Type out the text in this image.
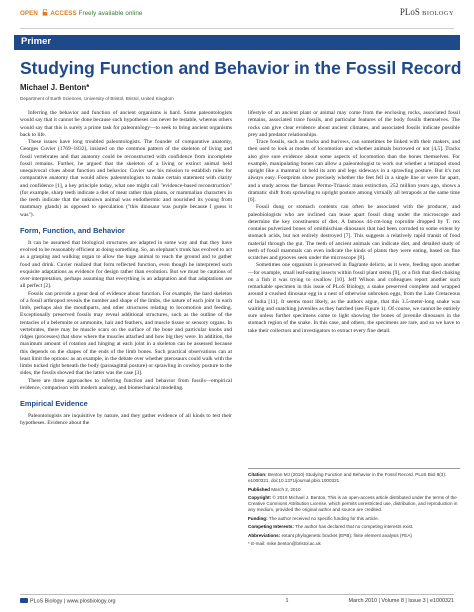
OPEN ACCESS Freely available online	PLoS BIOLOGY
Primer
Studying Function and Behavior in the Fossil Record
Michael J. Benton*
Department of Earth Sciences, University of Bristol, Bristol, United Kingdom

Inferring the behavior and function of ancient organisms is hard. Some paleontologists would say that it cannot be done because such hypotheses can never be testable, whereas others would say that this is surely a prime task for paleontology—to seek to bring ancient organisms back to life.

These issues have long troubled paleontologists. The founder of comparative anatomy, Georges Cuvier (1769–1832), insisted on the common pattern of the skeleton of living and fossil vertebrates and that anatomy could be reconstructed with confidence from incomplete fossil remains. Further, he argued that the skeleton of a living or extinct animal held unequivocal clues about function and behavior. Cuvier saw his mission to establish rules for comparative anatomy that would allow paleontologists to make certain statement with clarity and confidence [1], a key principle today, what one might call "evidence-based reconstruction" (for example, sharp teeth indicate a diet of meat rather than plants, or mammalian characters in the teeth indicate that the unknown animal was endothermic and nourished its young from mammary glands) as opposed to speculation ("this dinosaur was purple because I guess it was").

Form, Function, and Behavior

It can be assumed that biological structures are adapted in some way and that they have evolved to be reasonably efficient at doing something. So, an elephant's trunk has evolved to act as a grasping and walking organ to allow the huge animal to reach the ground and to gather food and drink. Cuvier realized that form reflected function, even though he interpreted such exquisite adaptations as evidence for design rather than evolution. But we must be cautious of over-interpretation, perhaps assuming that everything is an adaptation and that adaptations are all perfect [2].

Fossils can provide a great deal of evidence about function. For example, the hard skeleton of a fossil arthropod reveals the number and shape of the limbs, the nature of each joint in each limb, perhaps also the mouthparts, and other structures relating to locomotion and feeding. Exceptionally preserved fossils may reveal additional structures, such as the outline of the tentacles of a belemnite or ammonite, hair and feathers, and muscle tissue or sensory organs. In vertebrates, there may be muscle scars on the surface of the bone and particular knobs and ridges (processes) that show where the muscles attached and how big they were. In addition, the maximum amount of rotation and hinging at each joint in a skeleton can be assessed because this depends on the shapes of the ends of the limb bones. Such practical observations can at least limit the options: as an example, in the debate over whether pterosaurs could walk with the limbs tucked right beneath the body (parasagittal posture) or sprawling in cowboy posture to the sides, the fossils showed that the latter was the case [3].

There are three approaches to inferring function and behavior from fossils—empirical evidence, comparison with modern analogy, and biomechanical modeling.

Empirical Evidence

Paleontologists are inquisitive by nature, and they gather evidence of all kinds to test their hypotheses. Evidence about the

lifestyle of an ancient plant or animal may come from the enclosing rocks, associated fossil remains, associated trace fossils, and particular features of the body fossils themselves. The rocks can give clear evidence about ancient climates, and associated fossils indicate possible prey and predator relationships.

Trace fossils, such as tracks and burrows, can sometimes be linked with their makers, and then used to look at modes of locomotion and whether animals burrowed or not [4,5]. Tracks also give sure evidence about some aspects of locomotion than the bones themselves. For example, manipulating bones can allow a paleontologist to work out whether a tetrapod stood upright like a mammal or held its arm and legs sideways in a sprawling posture. But it's not always easy. Footprints show precisely whether the feet fell in a single line or were far apart, and a study across the famous Permo-Triassic mass extinction, 252 million years ago, shows a dramatic shift from sprawling to upright posture among virtually all tetrapods at the same time [6].

Fossil dung or stomach contents can often be associated with the producer, and paleobiologists who are inclined can tease apart fossil dung under the microscope and determine the key constituents of diet. A famous 44-cm-long coprolite dropped by T. rex contains pulverized bones of ornithischian dinosaurs that had been corroded to some extent by stomach acids, but not entirely destroyed [7]. This suggests a relatively rapid transit of food material through the gut. The teeth of ancient animals can indicate diet, and detailed study of teeth of fossil mammals can even indicate the kinds of plants they were eating, based on fine scratches and grooves seen under the microscope [8].

Sometimes one organism is preserved in flagrante delicto, as it were, feeding upon another—for example, small leaf-eating insects within fossil plant stems [9], or a fish that died choking on a fish it was trying to swallow [10]. Jeff Wilson and colleagues report another such remarkable specimen in this issue of PLoS Biology, a snake preserved complete and wrapped around a crushed dinosaur egg in a nest of otherwise unbroken eggs, from the Late Cretaceous of India [11]. It seems most likely, as the authors argue, that this 3.5-meter-long snake was waiting and snatching juveniles as they hatched (see Figure 1). Of course, we cannot be entirely sure unless further specimens come to light showing the bones of juvenile dinosaurs in the stomach region of the snake. In this case, and others, the specimens are rare, and so we have to take their collectors and investigators to extract every fine detail.

Citation: Benton MJ (2010) Studying Function and Behavior in the Fossil Record. PLoS Biol 8(3): e1000321. doi:10.1371/journal.pbio.1000321

Published March 2, 2010

Copyright: © 2010 Michael J. Benton. This is an open-access article distributed under the terms of the Creative Commons Attribution License, which permits unrestricted use, distribution, and reproduction in any medium, provided the original author and source are credited.

Funding: The author received no specific funding for this article.

Competing Interests: The author has declared that no competing interests exist.

Abbreviations: extant phylogenetic bracket (EPB); finite element analysis (FEA)

* E-mail: mike.benton@bristol.ac.uk

PLoS Biology | www.plosbiology.org	1	March 2010 | Volume 8 | Issue 3 | e1000321
